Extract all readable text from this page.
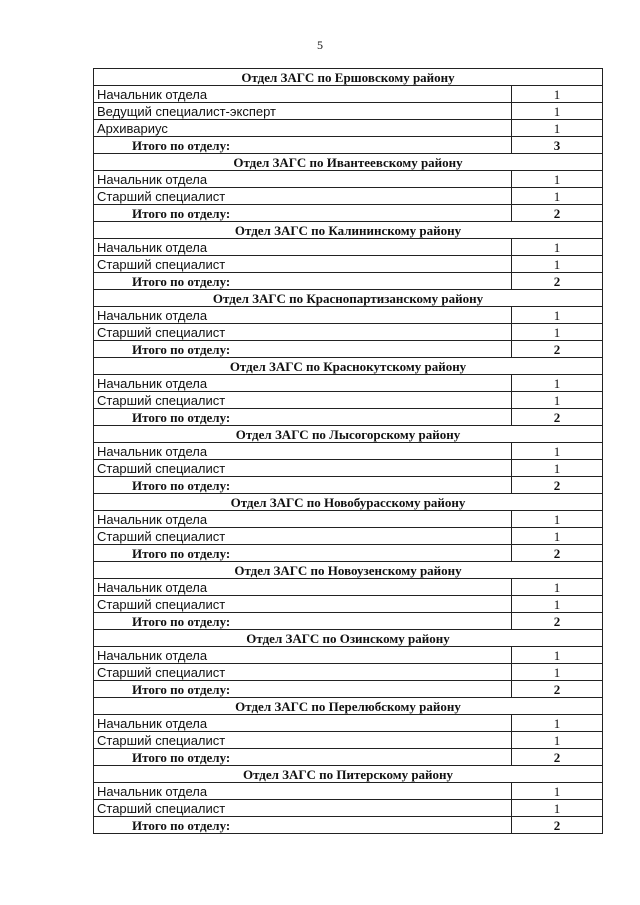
5
Отдел ЗАГС по Ершовскому району	
Начальник отдела	1
Ведущий специалист-эксперт	1
Архивариус	1
Итого по отделу:	3
Отдел ЗАГС по Ивантеевскому району	
Начальник отдела	1
Старший специалист	1
Итого по отделу:	2
Отдел ЗАГС по Калининскому району	
Начальник отдела	1
Старший специалист	1
Итого по отделу:	2
Отдел ЗАГС по Краснопартизанскому району	
Начальник отдела	1
Старший специалист	1
Итого по отделу:	2
Отдел ЗАГС по Краснокутскому району	
Начальник отдела	1
Старший специалист	1
Итого по отделу:	2
Отдел ЗАГС по Лысогорскому району	
Начальник отдела	1
Старший специалист	1
Итого по отделу:	2
Отдел ЗАГС по Новобурасскому району	
Начальник отдела	1
Старший специалист	1
Итого по отделу:	2
Отдел ЗАГС по Новоузенскому району	
Начальник отдела	1
Старший специалист	1
Итого по отделу:	2
Отдел ЗАГС по Озинскому району	
Начальник отдела	1
Старший специалист	1
Итого по отделу:	2
Отдел ЗАГС по Перелюбскому району	
Начальник отдела	1
Старший специалист	1
Итого по отделу:	2
Отдел ЗАГС по Питерскому району	
Начальник отдела	1
Старший специалист	1
Итого по отделу:	2
